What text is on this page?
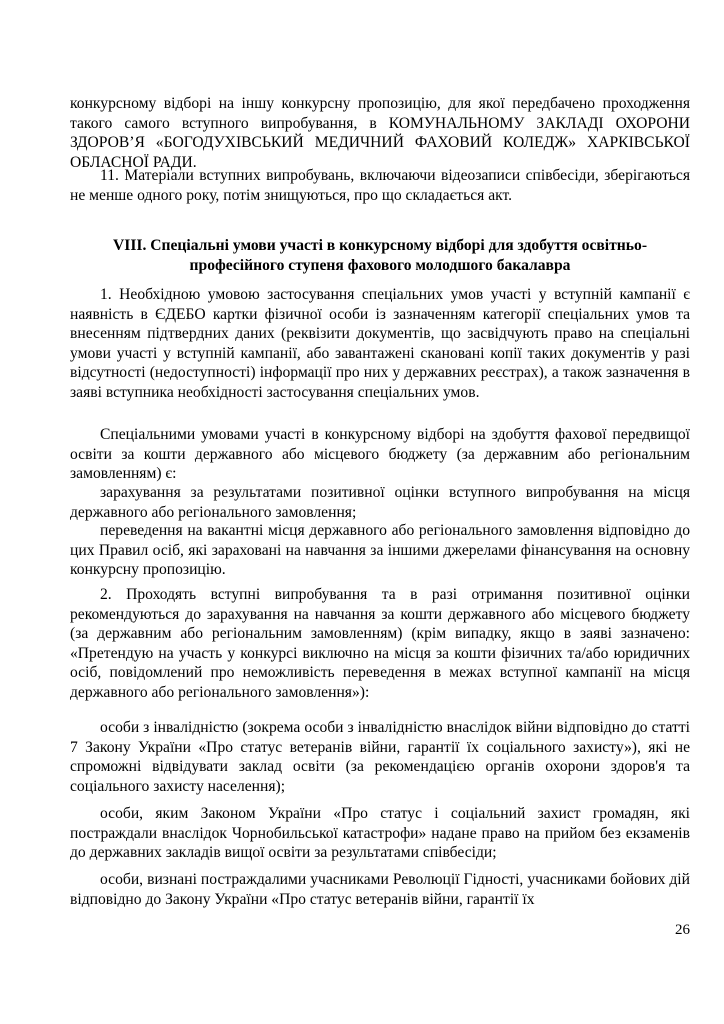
конкурсному відборі на іншу конкурсну пропозицію, для якої передбачено проходження такого самого вступного випробування, в КОМУНАЛЬНОМУ ЗАКЛАДІ ОХОРОНИ ЗДОРОВ’Я «БОГОДУХІВСЬКИЙ МЕДИЧНИЙ ФАХОВИЙ КОЛЕДЖ» ХАРКІВСЬКОЇ ОБЛАСНОЇ РАДИ.

11. Матеріали вступних випробувань, включаючи відеозаписи співбесіди, зберігаються не менше одного року, потім знищуються, про що складається акт.

VIII. Спеціальні умови участі в конкурсному відборі для здобуття освітньо-професійного ступеня фахового молодшого бакалавра

1. Необхідною умовою застосування спеціальних умов участі у вступній кампанії є наявність в ЄДЕБО картки фізичної особи із зазначенням категорії спеціальних умов та внесенням підтвердних даних (реквізити документів, що засвідчують право на спеціальні умови участі у вступній кампанії, або завантажені скановані копії таких документів у разі відсутності (недоступності) інформації про них у державних реєстрах), а також зазначення в заяві вступника необхідності застосування спеціальних умов.

Спеціальними умовами участі в конкурсному відборі на здобуття фахової передвищої освіти за кошти державного або місцевого бюджету (за державним або регіональним замовленням) є:

зарахування за результатами позитивної оцінки вступного випробування на місця державного або регіонального замовлення;

переведення на вакантні місця державного або регіонального замовлення відповідно до цих Правил осіб, які зараховані на навчання за іншими джерелами фінансування на основну конкурсну пропозицію.

2. Проходять вступні випробування та в разі отримання позитивної оцінки рекомендуються до зарахування на навчання за кошти державного або місцевого бюджету (за державним або регіональним замовленням) (крім випадку, якщо в заяві зазначено: «Претендую на участь у конкурсі виключно на місця за кошти фізичних та/або юридичних осіб, повідомлений про неможливість переведення в межах вступної кампанії на місця державного або регіонального замовлення»):

особи з інвалідністю (зокрема особи з інвалідністю внаслідок війни відповідно до статті 7 Закону України «Про статус ветеранів війни, гарантії їх соціального захисту»), які не спроможні відвідувати заклад освіти (за рекомендацією органів охорони здоров'я та соціального захисту населення);

особи, яким Законом України «Про статус і соціальний захист громадян, які постраждали внаслідок Чорнобильської катастрофи» надане право на прийом без екзаменів до державних закладів вищої освіти за результатами співбесіди;

особи, визнані постраждалими учасниками Революції Гідності, учасниками бойових дій відповідно до Закону України «Про статус ветеранів війни, гарантії їх

26
